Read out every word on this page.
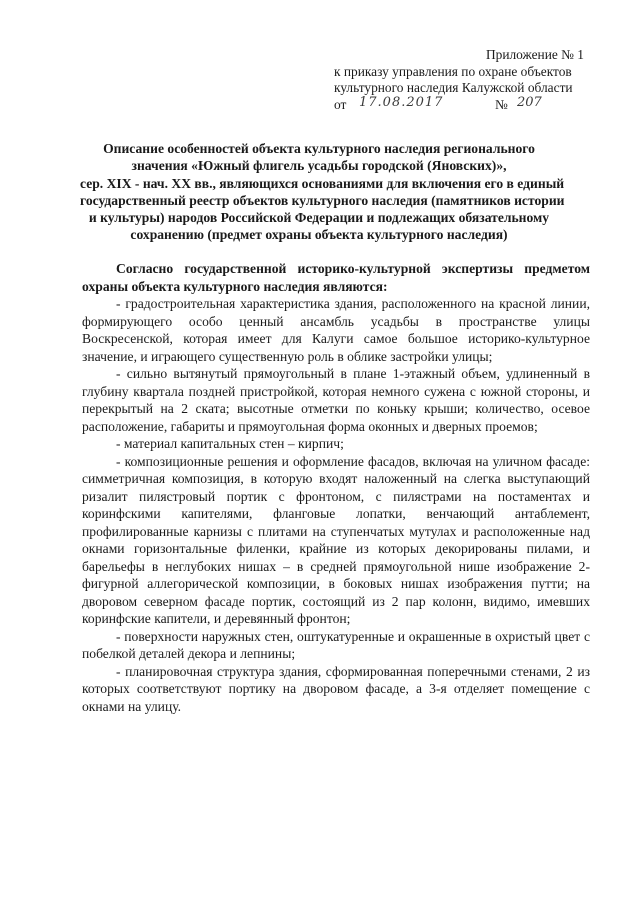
Приложение № 1
к приказу управления по охране объектов
культурного наследия Калужской области
от 17.08.2017	№ 207
Описание особенностей объекта культурного наследия регионального
значения «Южный флигель усадьбы городской (Яновских)»,
сер. XIX - нач. XX вв., являющихся основаниями для включения его в единый
государственный реестр объектов культурного наследия (памятников истории
и культуры) народов Российской Федерации и подлежащих обязательному
сохранению (предмет охраны объекта культурного наследия)

Согласно государственной историко-культурной экспертизы предметом охраны объекта культурного наследия являются:

- градостроительная характеристика здания, расположенного на красной линии, формирующего особо ценный ансамбль усадьбы в пространстве улицы Воскресенской, которая имеет для Калуги самое большое историко-культурное значение, и играющего существенную роль в облике застройки улицы;

- сильно вытянутый прямоугольный в плане 1-этажный объем, удлиненный в глубину квартала поздней пристройкой, которая немного сужена с южной стороны, и перекрытый на 2 ската; высотные отметки по коньку крыши; количество, осевое расположение, габариты и прямоугольная форма оконных и дверных проемов;

- материал капитальных стен – кирпич;

- композиционные решения и оформление фасадов, включая на уличном фасаде: симметричная композиция, в которую входят наложенный на слегка выступающий ризалит пилястровый портик с фронтоном, с пилястрами на постаментах и коринфскими капителями, фланговые лопатки, венчающий антаблемент, профилированные карнизы с плитами на ступенчатых мутулах и расположенные над окнами горизонтальные филенки, крайние из которых декорированы пилами, и барельефы в неглубоких нишах – в средней прямоугольной нише изображение 2-фигурной аллегорической композиции, в боковых нишах изображения путти; на дворовом северном фасаде портик, состоящий из 2 пар колонн, видимо, имевших коринфские капители, и деревянный фронтон;

- поверхности наружных стен, оштукатуренные и окрашенные в охристый цвет с побелкой деталей декора и лепнины;

- планировочная структура здания, сформированная поперечными стенами, 2 из которых соответствуют портику на дворовом фасаде, а 3-я отделяет помещение с окнами на улицу.
